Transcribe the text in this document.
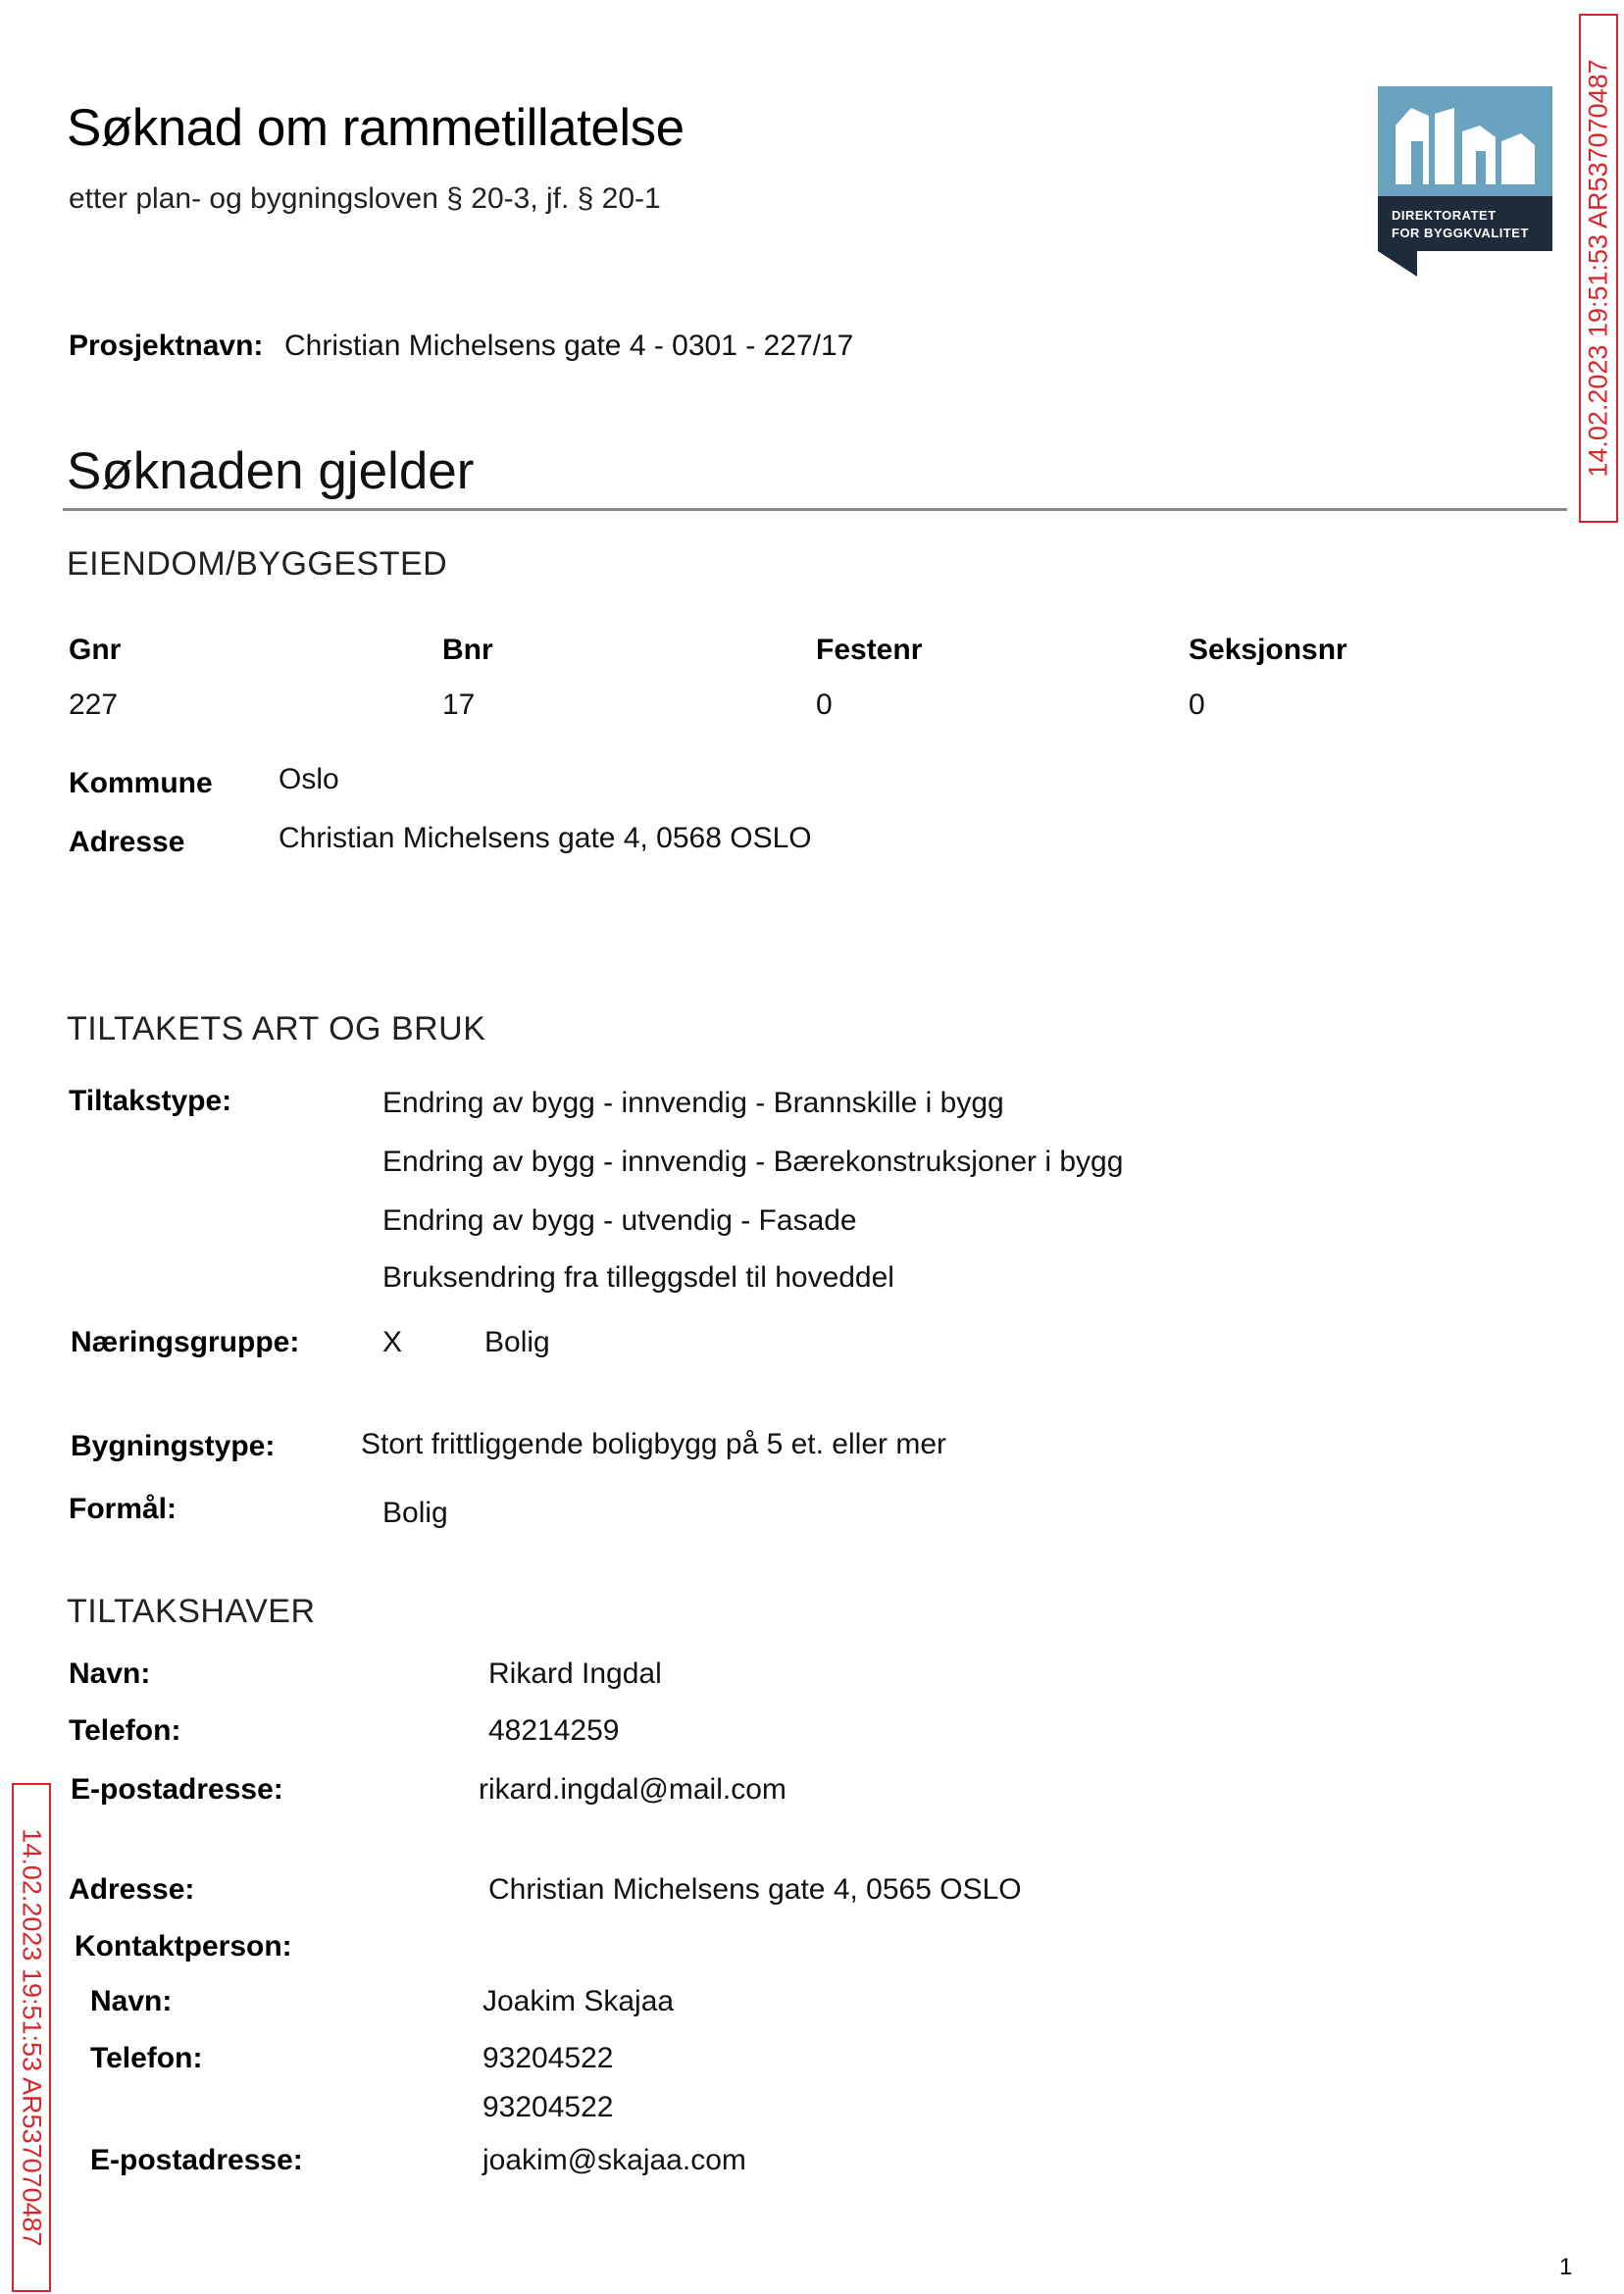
Søknad om rammetillatelse
etter plan- og bygningsloven § 20-3, jf. § 20-1
DIREKTORATET
FOR BYGGKVALITET 14.02.2023 19:51:53 AR537070487
14.02.2023 19:51:53 AR537070487
Prosjektnavn: Christian Michelsens gate 4 - 0301 - 227/17
Søknaden gjelder
EIENDOM/BYGGESTED
Gnr	Bnr	Festenr	Seksjonsnr
227	17	0	0
Kommune Oslo
Adresse	Christian Michelsens gate 4, 0568 OSLO
TILTAKETS ART OG BRUK
Tiltakstype:	Endring av bygg - innvendig - Brannskille i bygg
Endring av bygg - innvendig - Bærekonstruksjoner i bygg
Endring av bygg - utvendig - Fasade
Bruksendring fra tilleggsdel til hoveddel
Næringsgruppe:	X	Bolig
Bygningstype:	Stort frittliggende boligbygg på 5 et. eller mer
Formål:	Bolig
TILTAKSHAVER
Navn:	Rikard Ingdal
Telefon:	48214259
E-postadresse:	rikard.ingdal@mail.com
Adresse:	Christian Michelsens gate 4, 0565 OSLO
Kontaktperson:
Navn:	Joakim Skajaa
Telefon:	93204522
93204522
E-postadresse:	joakim@skajaa.com
1
